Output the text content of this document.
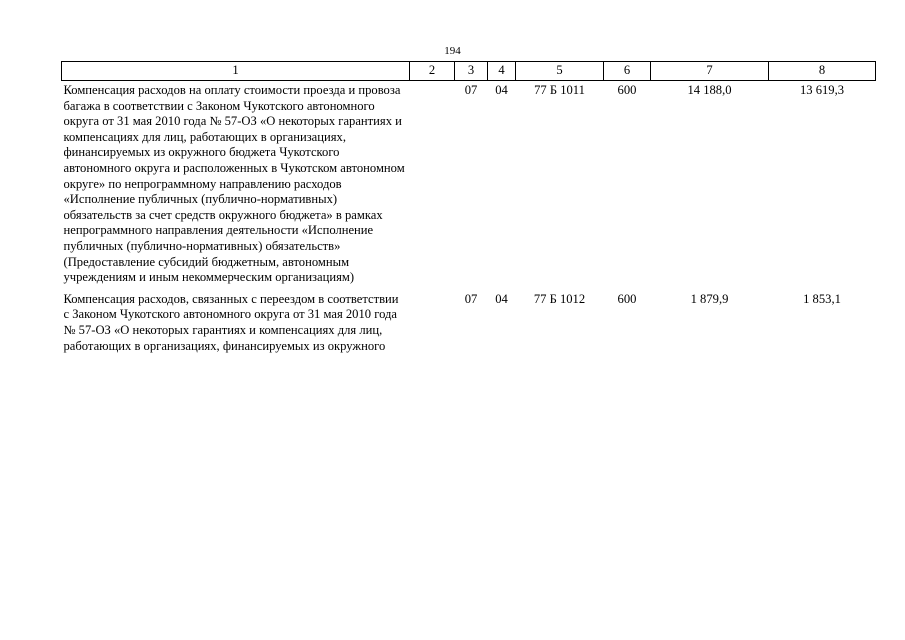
194
1	2	3	4	5	6	7	8
Компенсация расходов на оплату стоимости проезда и провоза багажа в соответствии с Законом Чукотского автономного округа от 31 мая 2010 года № 57-ОЗ «О некоторых гарантиях и компенсациях для лиц, работающих в организациях, финансируемых из окружного бюджета Чукотского автономного округа и расположенных в Чукотском автономном округе» по непрограммному направлению расходов «Исполнение публичных (публично-нормативных) обязательств за счет средств окружного бюджета» в рамках непрограммного направления деятельности «Исполнение публичных (публично-нормативных) обязательств» (Предоставление субсидий бюджетным, автономным учреждениям и иным некоммерческим организациям)		07	04	77 Б 1011	600	14 188,0	13 619,3
Компенсация расходов, связанных с переездом в соответствии с Законом Чукотского автономного округа от 31 мая 2010 года № 57-ОЗ «О некоторых гарантиях и компенсациях для лиц, работающих в организациях, финансируемых из окружного		07	04	77 Б 1012	600	1 879,9	1 853,1
